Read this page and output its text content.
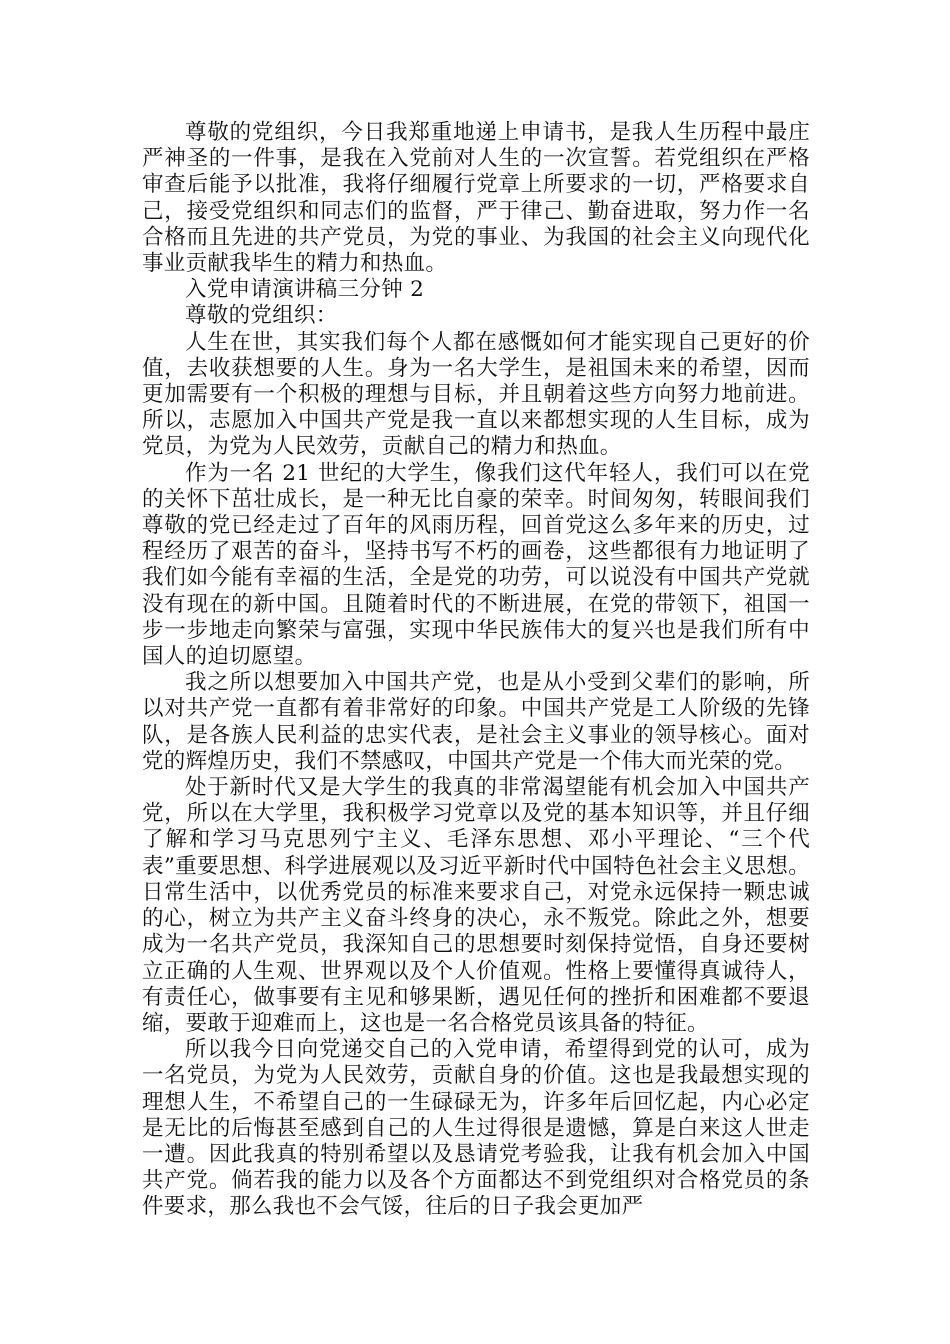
尊敬的党组织，今日我郑重地递上申请书，是我人生历程中最庄严神圣的一件事，是我在入党前对人生的一次宣誓。若党组织在严格审查后能予以批准，我将仔细履行党章上所要求的一切，严格要求自己，接受党组织和同志们的监督，严于律己、勤奋进取，努力作一名合格而且先进的共产党员，为党的事业、为我国的社会主义向现代化事业贡献我毕生的精力和热血。

入党申请演讲稿三分钟 2

尊敬的党组织：

人生在世，其实我们每个人都在感慨如何才能实现自己更好的价值，去收获想要的人生。身为一名大学生，是祖国未来的希望，因而更加需要有一个积极的理想与目标，并且朝着这些方向努力地前进。所以，志愿加入中国共产党是我一直以来都想实现的人生目标，成为党员，为党为人民效劳，贡献自己的精力和热血。

作为一名 21 世纪的大学生，像我们这代年轻人，我们可以在党的关怀下茁壮成长，是一种无比自豪的荣幸。时间匆匆，转眼间我们尊敬的党已经走过了百年的风雨历程，回首党这么多年来的历史，过程经历了艰苦的奋斗，坚持书写不朽的画卷，这些都很有力地证明了我们如今能有幸福的生活，全是党的功劳，可以说没有中国共产党就没有现在的新中国。且随着时代的不断进展，在党的带领下，祖国一步一步地走向繁荣与富强，实现中华民族伟大的复兴也是我们所有中国人的迫切愿望。

我之所以想要加入中国共产党，也是从小受到父辈们的影响，所以对共产党一直都有着非常好的印象。中国共产党是工人阶级的先锋队，是各族人民利益的忠实代表，是社会主义事业的领导核心。面对党的辉煌历史，我们不禁感叹，中国共产党是一个伟大而光荣的党。

处于新时代又是大学生的我真的非常渴望能有机会加入中国共产党，所以在大学里，我积极学习党章以及党的基本知识等，并且仔细了解和学习马克思列宁主义、毛泽东思想、邓小平理论、“三个代表”重要思想、科学进展观以及习近平新时代中国特色社会主义思想。日常生活中，以优秀党员的标准来要求自己，对党永远保持一颗忠诚的心，树立为共产主义奋斗终身的决心，永不叛党。除此之外，想要成为一名共产党员，我深知自己的思想要时刻保持觉悟，自身还要树立正确的人生观、世界观以及个人价值观。性格上要懂得真诚待人，有责任心，做事要有主见和够果断，遇见任何的挫折和困难都不要退缩，要敢于迎难而上，这也是一名合格党员该具备的特征。

所以我今日向党递交自己的入党申请，希望得到党的认可，成为一名党员，为党为人民效劳，贡献自身的价值。这也是我最想实现的理想人生，不希望自己的一生碌碌无为，许多年后回忆起，内心必定是无比的后悔甚至感到自己的人生过得很是遗憾，算是白来这人世走一遭。因此我真的特别希望以及恳请党考验我，让我有机会加入中国共产党。倘若我的能力以及各个方面都达不到党组织对合格党员的条件要求，那么我也不会气馁，往后的日子我会更加严
